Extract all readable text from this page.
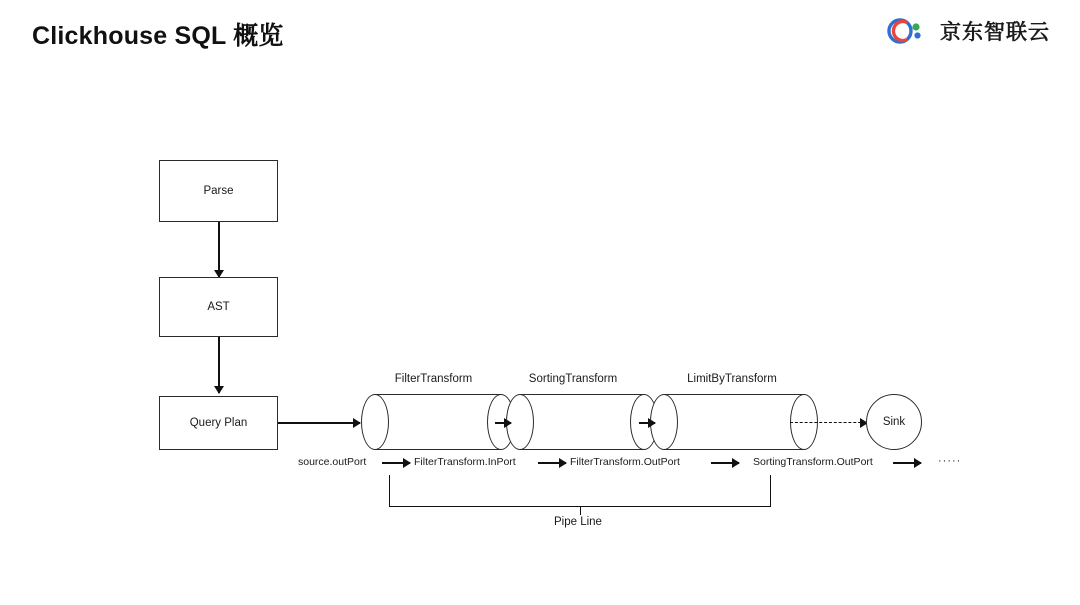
Clickhouse SQL 概览	京东智联云
Parse
AST
Query Plan
FilterTransform	SortingTransform	LimitByTransform
Sink
source.outPort	FilterTransform.InPort	FilterTransform.OutPort	SortingTransform.OutPort	·····
Pipe Line
